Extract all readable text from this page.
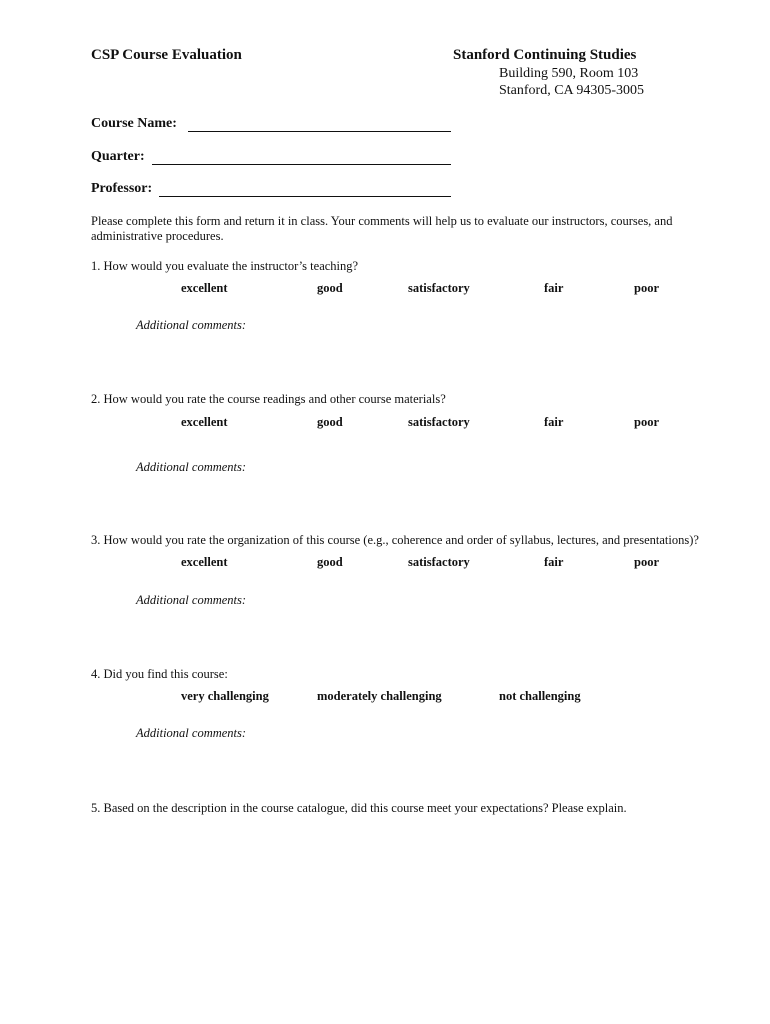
CSP Course Evaluation	Stanford Continuing Studies
Building 590, Room 103
Stanford, CA 94305-3005
Course Name:
Quarter:
Professor:
Please complete this form and return it in class. Your comments will help us to evaluate our instructors, courses, and administrative procedures.
1. How would you evaluate the instructor’s teaching?
excellent	good	satisfactory	fair	poor
Additional comments:
2. How would you rate the course readings and other course materials?
excellent	good	satisfactory	fair	poor
Additional comments:
3. How would you rate the organization of this course (e.g., coherence and order of syllabus, lectures, and presentations)?
excellent	good	satisfactory	fair	poor
Additional comments:
4. Did you find this course:
very challenging	moderately challenging	not challenging
Additional comments:
5. Based on the description in the course catalogue, did this course meet your expectations? Please explain.
